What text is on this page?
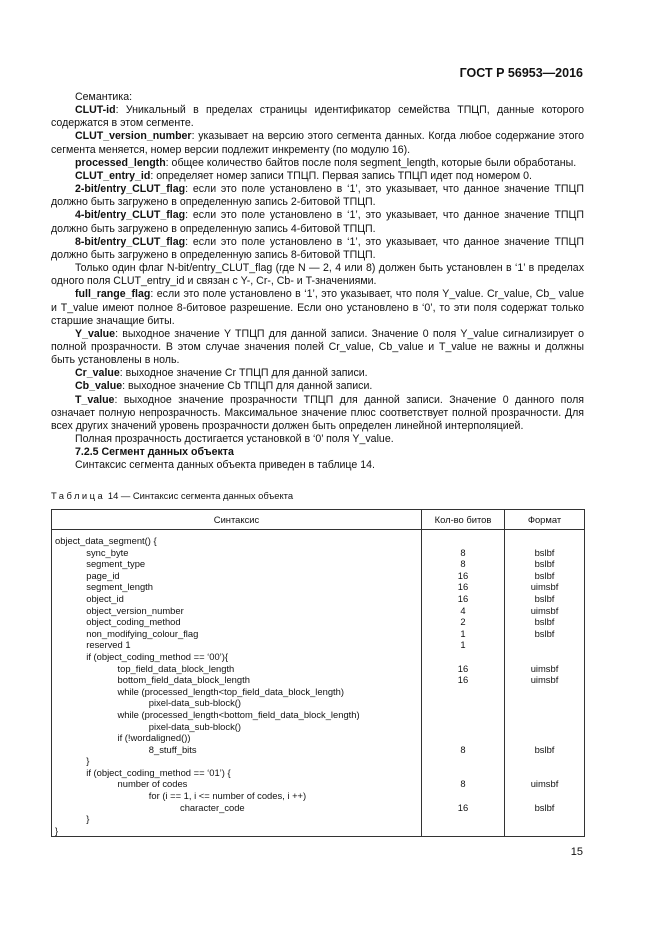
ГОСТ Р 56953—2016

Семантика:

CLUT-id: Уникальный в пределах страницы идентификатор семейства ТПЦП, данные которого содержатся в этом сегменте.

CLUT_version_number: указывает на версию этого сегмента данных. Когда любое содержание этого сегмента меняется, номер версии подлежит инкременту (по модулю 16).

processed_length: общее количество байтов после поля segment_length, которые были обработаны.

CLUT_entry_id: определяет номер записи ТПЦП. Первая запись ТПЦП идет под номером 0.

2-bit/entry_CLUT_flag: если это поле установлено в ‘1’, это указывает, что данное значение ТПЦП должно быть загружено в определенную запись 2-битовой ТПЦП.

4-bit/entry_CLUT_flag: если это поле установлено в ‘1’, это указывает, что данное значение ТПЦП должно быть загружено в определенную запись 4-битовой ТПЦП.

8-bit/entry_CLUT_flag: если это поле установлено в ‘1’, это указывает, что данное значение ТПЦП должно быть загружено в определенную запись 8-битовой ТПЦП.

Только один флаг N-bit/entry_CLUT_flag (где N — 2, 4 или 8) должен быть установлен в ‘1’ в пределах одного поля CLUT_entry_id и связан с Y-, Cr-, Cb- и T-значениями.

full_range_flag: если это поле установлено в ‘1’, это указывает, что поля Y_value. Cr_value, Cb_ value и T_value имеют полное 8-битовое разрешение. Если оно установлено в ‘0’, то эти поля содержат только старшие значащие биты.

Y_value: выходное значение Y ТПЦП для данной записи. Значение 0 поля Y_value сигнализирует о полной прозрачности. В этом случае значения полей Cr_value, Cb_value и T_value не важны и должны быть установлены в ноль.

Cr_value: выходное значение Cr ТПЦП для данной записи.

Cb_value: выходное значение Cb ТПЦП для данной записи.

T_value: выходное значение прозрачности ТПЦП для данной записи. Значение 0 данного поля означает полную непрозрачность. Максимальное значение плюс соответствует полной прозрачности. Для всех других значений уровень прозрачности должен быть определен линейной интерполяцией.

Полная прозрачность достигается установкой в ‘0’ поля Y_value.

7.2.5 Сегмент данных объекта

Синтаксис сегмента данных объекта приведен в таблице 14.

Таблица 14 — Синтаксис сегмента данных объекта
Синтаксис	Кол-во битов	Формат

object_data_segment() {		
sync_byte	8	bslbf
segment_type	8	bslbf
page_id	16	bslbf
segment_length	16	uimsbf
object_id	16	bslbf
object_version_number	4	uimsbf
object_coding_method	2	bslbf
non_modifying_colour_flag	1	bslbf
reserved 1	1	
if (object_coding_method == ‘00’){		
top_field_data_block_length	16	uimsbf
bottom_field_data_block_length	16	uimsbf
while (processed_length<top_field_data_block_length)		
pixel-data_sub-block()		
while (processed_length<bottom_field_data_block_length)		
pixel-data_sub-block()		
if (!wordaligned())		
8_stuff_bits	8	bslbf
}		
if (object_coding_method == ‘01’) {		
number of codes	8	uimsbf
for (i == 1, i <= number of codes, i ++)		
character_code	16	bslbf
}		
}		
15
